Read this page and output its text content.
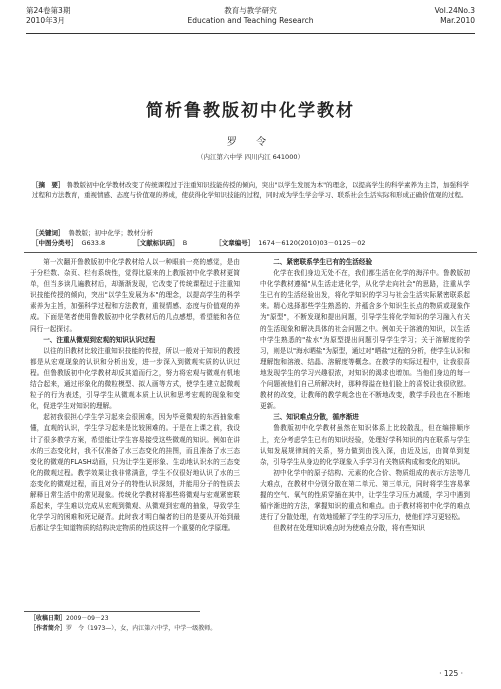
第24卷第3期
2010年3月
教育与教学研究
Education and Teaching Research
Vol.24No.3
Mar.2010
简析鲁教版初中化学教材
罗 令
（内江第六中学 四川内江 641000）
［摘　要］ 鲁教版初中化学教材改变了传统课程过于注重知识技能传授的倾向，突出"以学生发展为本"的理念，以提高学生的科学素养为主旨，加强科学过程和方法教育，重视情感、态度与价值观的养成，使获得化学知识技能的过程，同时成为学生学会学习、联系社会生活实际和形成正确价值观的过程。
［关键词］ 鲁教版；初中化学；教材分析
［中图分类号］ G633.8	［文献标识码］ B	［文章编号］ 1674－6120(2010)03－0125－02

第一次翻开鲁教版初中化学教材给人以一种眼前一亮的感觉，是由于分栏数、杂页、栏有系统性，觉得比原来的上教版初中化学教材更简单，但当多读几遍教材后，却渐渐发现，它改变了传统课程过于注重知识技能传授的倾向，突出"以学生发展为本"的理念，以提高学生的科学素养为主旨，加强科学过程和方法教育，重视情感、态度与价值观的养成。下面是笔者使用鲁教版初中化学教材后的几点感想，希望能和各位同行一起探讨。

一、注重从微观到宏观的知识认识过程

以往的旧教材比较注重知识技能的传授，所以一般对于知识的教授都是从宏观现象的认识和分析出发，进一步深入到微观实质的认识过程。但鲁教版初中化学教材却反其道而行之，努力将宏观与微观有机地结合起来，通过形象化的微粒模型、拟人画等方式，使学生建立起微观粒子的行为表述，引导学生从微观本质上认识和思考宏观的现象和变化，促进学生对知识的理解。

起初我很担心学生学习起来会很困难，因为毕竟微观的东西抽象难懂，直观的认识，学生学习起来是比较困难的。于是在上课之前，我设计了很多教学方案，希望能让学生容易接受这些微观的知识。例如在讲水的三态变化时，我不仅准备了水三态变化的挂图，而且准备了水三态变化的微观的FLASH动画，只为让学生更形象、生动地认识水的三态变化的微观过程。教学效果让我非常满意，学生不仅很好地认识了水的三态变化的微观过程，而且对分子的特性认识深刻，并能用分子的性质去解释日常生活中的常见现象。传统化学教材将那些将微观与宏观紧密联系起来，学生难以完成从宏观到微观、从微观到宏观的抽象，导致学生化学学习的困难和死记硬背。此时我才明白编者的目的是要从开始到最后都让学生知道物质的结构决定物质的性质这样一个重要的化学原理。

二、紧密联系学生已有的生活经验

化学在我们身边无处不在，我们都生活在化学的海洋中。鲁教版初中化学教材遵循"从生活走进化学，从化学走向社会"的思路，注重从学生已有的生活经验出发，将化学知识的学习与社会生活实际紧密联系起来。精心选择那些学生熟悉的、并蕴含多个知识生长点的物质或现象作为"原型"，不断发现和提出问题，引导学生将化学知识的学习融入有关的生活现象和解决具体的社会问题之中。例如关于溶液的知识，以生活中学生熟悉的"盐水"为原型提出问题引导学生学习；关于溶解度的学习，则是以"海水晒盐"为原型，通过对"晒盐"过程的分析，使学生认识和理解饱和溶液、结晶、溶解度等概念。在教学的实际过程中，让我很喜地发现学生的学习兴趣很浓，对知识的渴求也增加。当他们身边的每一个问题被他们自己所解决时，那种得溢在他们脸上的喜悦让我很欣慰。教材的改变，让教师的教学观念也在不断地改变，教学手段也在不断地更新。

三、知识难点分散，循序渐进

鲁教版初中化学教材虽然在知识体系上比较散乱，但在编排顺序上，充分考虑学生已有的知识经验，处理好学科知识的内在联系与学生认知发展规律间的关系，努力做到由浅入深，由近及远，由简单到复杂，引导学生从身边的化学现象入手学习有关物质构成和变化的知识。

初中化学中的原子结构、元素的化合价、物质组成的表示方法等几大难点，在教材中分别分散在第二单元、第三单元，同时将学生容易掌握的空气、氧气的性质穿插在其中，让学生学习压力减缓，学习中遇到循序渐进的方法，掌握知识的重点和难点。由于教材将初中化学的难点进行了分散处理，有效地缓解了学生的学习压力，使他们学习更轻松。

但教材在处理知识难点时为使难点分散，将有些知识

［收稿日期］2009－09－23
［作者简介］罗　令（1973—），女，内江第六中学，中学一级教师。
· 125 ·
